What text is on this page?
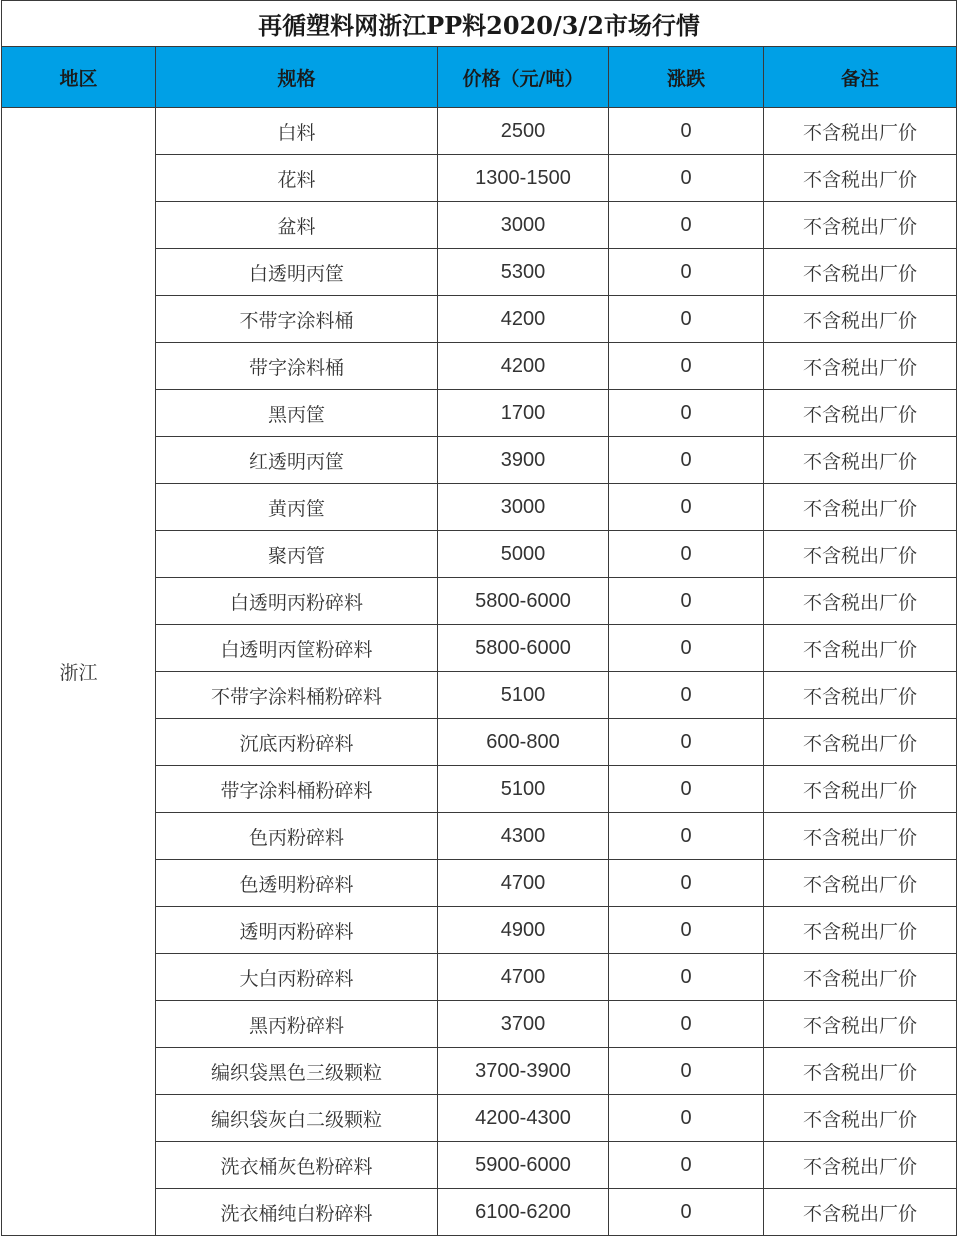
再循塑料网浙江PP料2020/3/2市场行情				
地区	规格	价格（元/吨）	涨跌	备注
浙江	白料	2500	0	不含税出厂价
	花料	1300-1500	0	不含税出厂价
	盆料	3000	0	不含税出厂价
	白透明丙筐	5300	0	不含税出厂价
	不带字涂料桶	4200	0	不含税出厂价
	带字涂料桶	4200	0	不含税出厂价
	黑丙筐	1700	0	不含税出厂价
	红透明丙筐	3900	0	不含税出厂价
	黄丙筐	3000	0	不含税出厂价
	聚丙管	5000	0	不含税出厂价
	白透明丙粉碎料	5800-6000	0	不含税出厂价
	白透明丙筐粉碎料	5800-6000	0	不含税出厂价
	不带字涂料桶粉碎料	5100	0	不含税出厂价
	沉底丙粉碎料	600-800	0	不含税出厂价
	带字涂料桶粉碎料	5100	0	不含税出厂价
	色丙粉碎料	4300	0	不含税出厂价
	色透明粉碎料	4700	0	不含税出厂价
	透明丙粉碎料	4900	0	不含税出厂价
	大白丙粉碎料	4700	0	不含税出厂价
	黑丙粉碎料	3700	0	不含税出厂价
	编织袋黑色三级颗粒	3700-3900	0	不含税出厂价
	编织袋灰白二级颗粒	4200-4300	0	不含税出厂价
	洗衣桶灰色粉碎料	5900-6000	0	不含税出厂价
	洗衣桶纯白粉碎料	6100-6200	0	不含税出厂价
